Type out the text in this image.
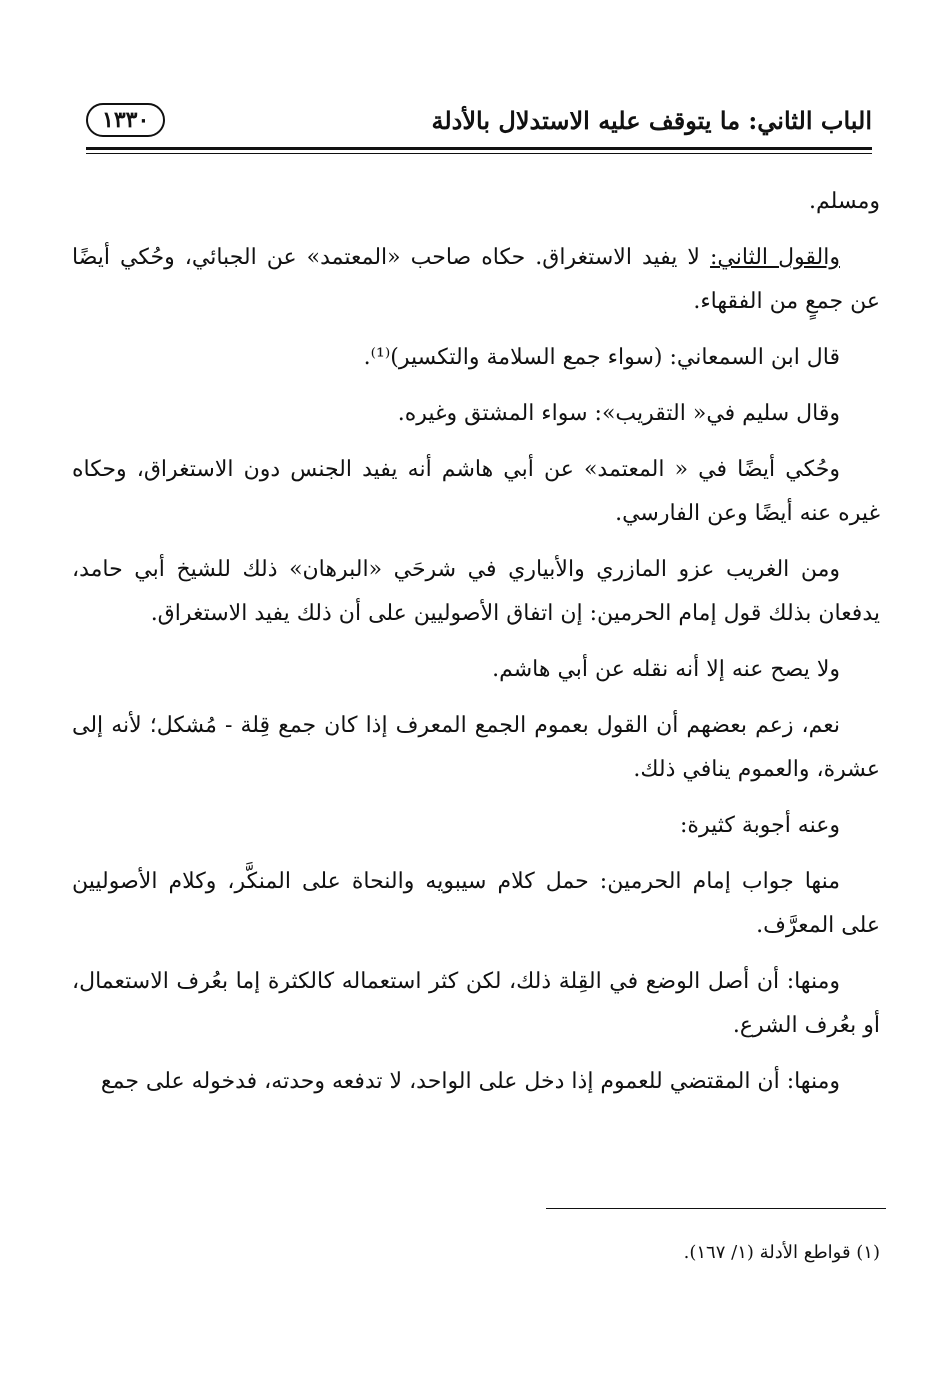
الباب الثاني: ما يتوقف عليه الاستدلال بالأدلة
١٣٣٠

ومسلم.

والقول الثاني: لا يفيد الاستغراق. حكاه صاحب «المعتمد» عن الجبائي، وحُكي أيضًا عن جمعٍ من الفقهاء.

قال ابن السمعاني: (سواء جمع السلامة والتكسير)⁽¹⁾.

وقال سليم في« التقريب»: سواء المشتق وغيره.

وحُكي أيضًا في « المعتمد» عن أبي هاشم أنه يفيد الجنس دون الاستغراق، وحكاه غيره عنه أيضًا وعن الفارسي.

ومن الغريب عزو المازري والأبياري في شرحَي «البرهان» ذلك للشيخ أبي حامد، يدفعان بذلك قول إمام الحرمين: إن اتفاق الأصوليين على أن ذلك يفيد الاستغراق.

ولا يصح عنه إلا أنه نقله عن أبي هاشم.

نعم، زعم بعضهم أن القول بعموم الجمع المعرف إذا كان جمع قِلة - مُشكل؛ لأنه إلى عشرة، والعموم ينافي ذلك.

وعنه أجوبة كثيرة:

منها جواب إمام الحرمين: حمل كلام سيبويه والنحاة على المنكَّر، وكلام الأصوليين على المعرَّف.

ومنها: أن أصل الوضع في القِلة ذلك، لكن كثر استعماله كالكثرة إما بعُرف الاستعمال، أو بعُرف الشرع.

ومنها: أن المقتضي للعموم إذا دخل على الواحد، لا تدفعه وحدته، فدخوله على جمع

(١) قواطع الأدلة (١/ ١٦٧).
